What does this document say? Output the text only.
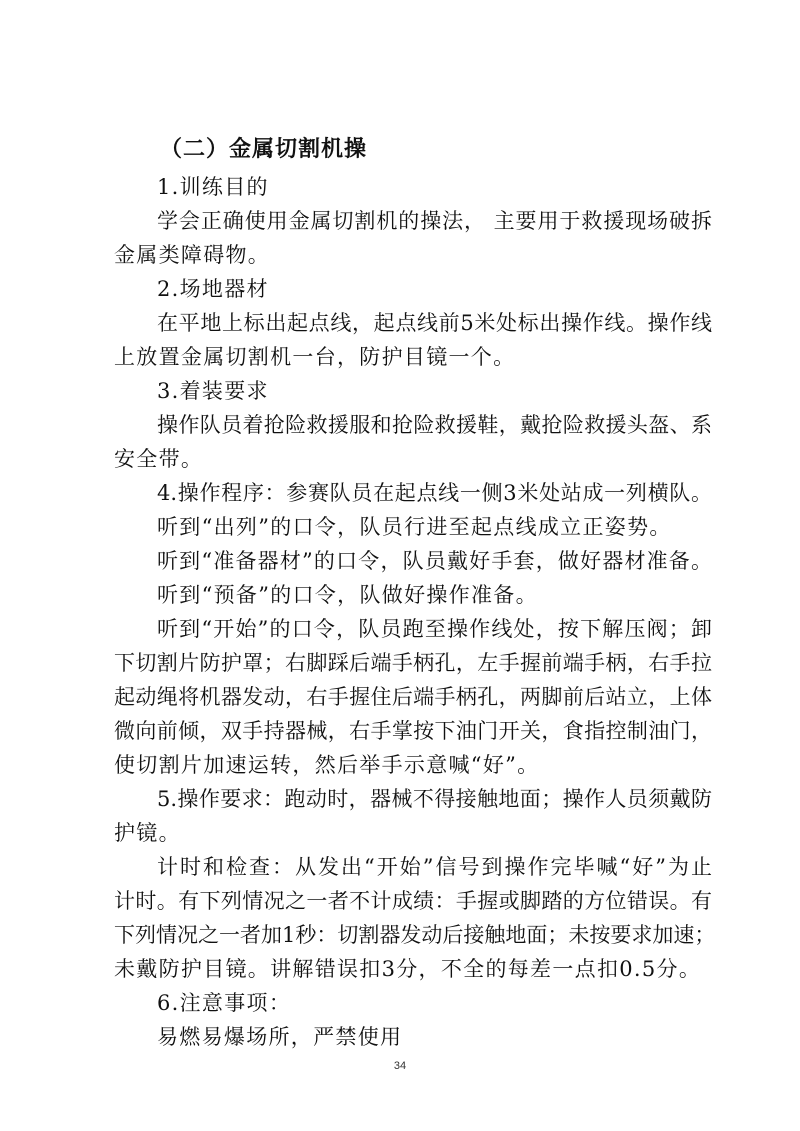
（二）金属切割机操
1.训练目的
学会正确使用金属切割机的操法， 主要用于救援现场破拆
金属类障碍物。
2.场地器材
在平地上标出起点线，起点线前5米处标出操作线。操作线
上放置金属切割机一台，防护目镜一个。
3.着装要求
操作队员着抢险救援服和抢险救援鞋，戴抢险救援头盔、系
安全带。
4.操作程序：参赛队员在起点线一侧3米处站成一列横队。
听到“出列”的口令，队员行进至起点线成立正姿势。
听到“准备器材”的口令，队员戴好手套，做好器材准备。
听到“预备”的口令，队做好操作准备。
听到“开始”的口令，队员跑至操作线处，按下解压阀；卸
下切割片防护罩；右脚踩后端手柄孔，左手握前端手柄，右手拉
起动绳将机器发动，右手握住后端手柄孔，两脚前后站立，上体
微向前倾，双手持器械，右手掌按下油门开关，食指控制油门，
使切割片加速运转，然后举手示意喊“好”。
5.操作要求：跑动时，器械不得接触地面；操作人员须戴防
护镜。
计时和检查：从发出“开始”信号到操作完毕喊“好”为止
计时。有下列情况之一者不计成绩：手握或脚踏的方位错误。有
下列情况之一者加1秒：切割器发动后接触地面；未按要求加速；
未戴防护目镜。讲解错误扣3分，不全的每差一点扣0.5分。
6.注意事项：
易燃易爆场所，严禁使用
34
